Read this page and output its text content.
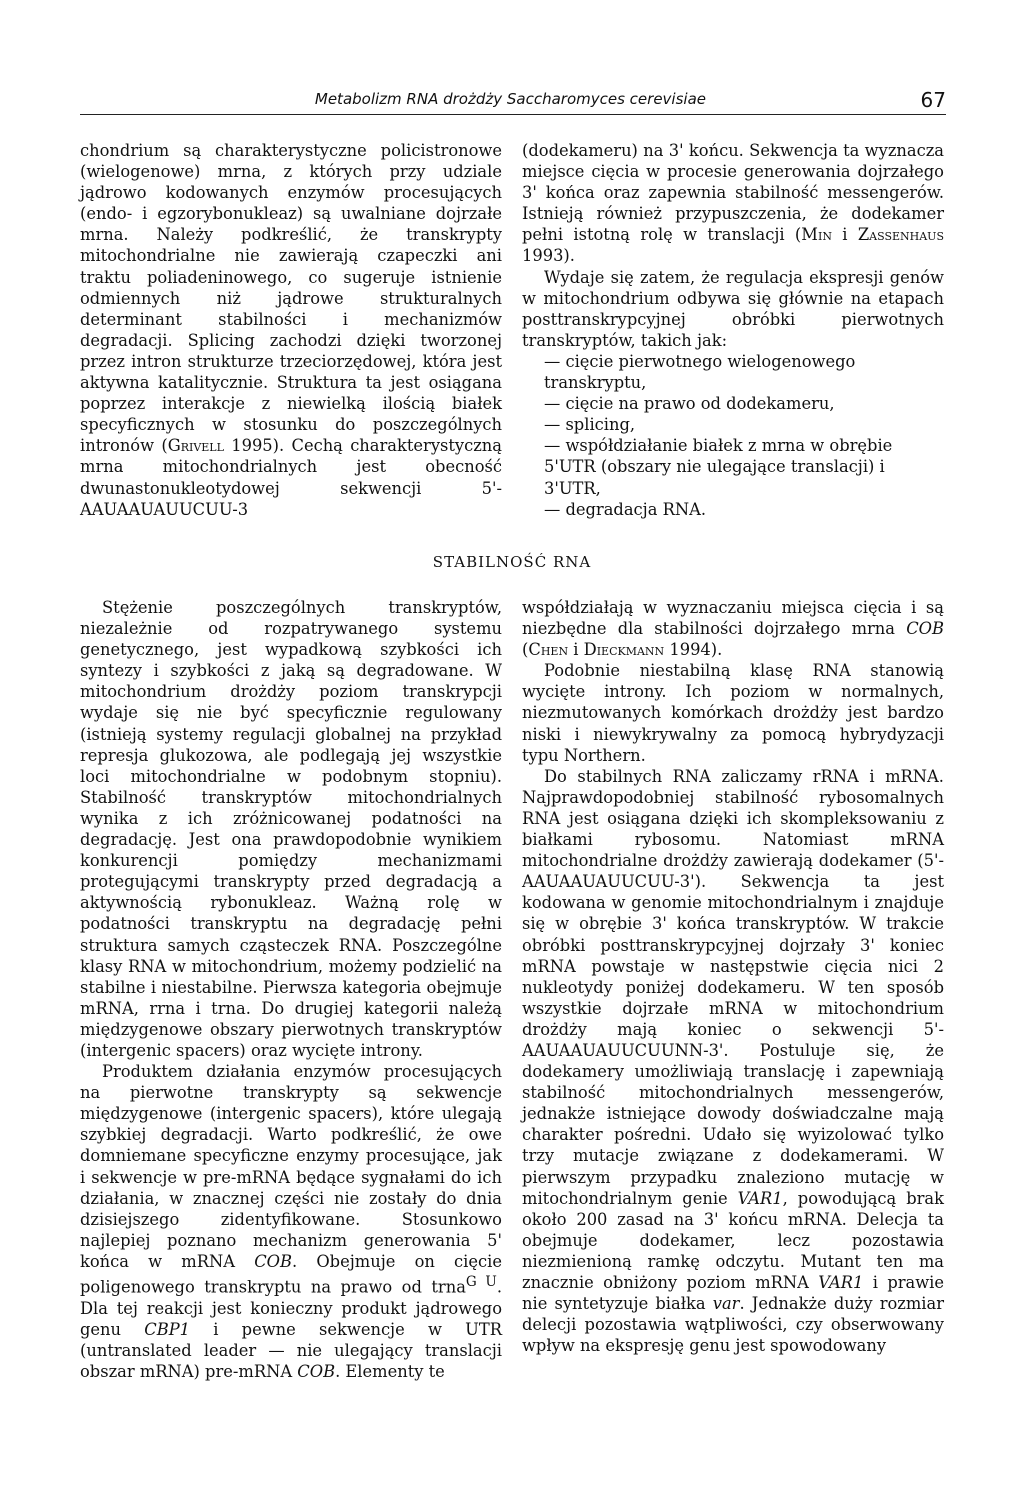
Metabolizm RNA drożdży Saccharomyces cerevisiae	67

chondrium są charakterystyczne policistronowe (wielogenowe) mrna, z których przy udziale jądrowo kodowanych enzymów procesujących (endo- i egzorybonukleaz) są uwalniane dojrzałe mrna. Należy podkreślić, że transkrypty mitochondrialne nie zawierają czapeczki ani traktu poliadeninowego, co sugeruje istnienie odmiennych niż jądrowe strukturalnych determinant stabilności i mechanizmów degradacji. Splicing zachodzi dzięki tworzonej przez intron strukturze trzeciorzędowej, która jest aktywna katalitycznie. Struktura ta jest osiągana poprzez interakcje z niewielką ilością białek specyficznych w stosunku do poszczególnych intronów (Grivell 1995). Cechą charakterystyczną mrna mitochondrialnych jest obecność dwunastonukleotydowej sekwencji 5'-AAUAAUAUUCUU-3

(dodekameru) na 3' końcu. Sekwencja ta wyznacza miejsce cięcia w procesie generowania dojrzałego 3' końca oraz zapewnia stabilność messengerów. Istnieją również przypuszczenia, że dodekamer pełni istotną rolę w translacji (Min i Zassenhaus 1993).

Wydaje się zatem, że regulacja ekspresji genów w mitochondrium odbywa się głównie na etapach posttranskrypcyjnej obróbki pierwotnych transkryptów, takich jak:

— cięcie pierwotnego wielogenowego transkryptu,

— cięcie na prawo od dodekameru,

— splicing,

— współdziałanie białek z mrna w obrębie 5'UTR (obszary nie ulegające translacji) i 3'UTR,

— degradacja RNA.

STABILNOŚĆ RNA

Stężenie poszczególnych transkryptów, niezależnie od rozpatrywanego systemu genetycznego, jest wypadkową szybkości ich syntezy i szybkości z jaką są degradowane. W mitochondrium drożdży poziom transkrypcji wydaje się nie być specyficznie regulowany (istnieją systemy regulacji globalnej na przykład represja glukozowa, ale podlegają jej wszystkie loci mitochondrialne w podobnym stopniu). Stabilność transkryptów mitochondrialnych wynika z ich zróżnicowanej podatności na degradację. Jest ona prawdopodobnie wynikiem konkurencji pomiędzy mechanizmami protegującymi transkrypty przed degradacją a aktywnością rybonukleaz. Ważną rolę w podatności transkryptu na degradację pełni struktura samych cząsteczek RNA. Poszczególne klasy RNA w mitochondrium, możemy podzielić na stabilne i niestabilne. Pierwsza kategoria obejmuje mRNA, rrna i trna. Do drugiej kategorii należą międzygenowe obszary pierwotnych transkryptów (intergenic spacers) oraz wycięte introny.

Produktem działania enzymów procesujących na pierwotne transkrypty są sekwencje międzygenowe (intergenic spacers), które ulegają szybkiej degradacji. Warto podkreślić, że owe domniemane specyficzne enzymy procesujące, jak i sekwencje w pre-mRNA będące sygnałami do ich działania, w znacznej części nie zostały do dnia dzisiejszego zidentyfikowane. Stosunkowo najlepiej poznano mechanizm generowania 5' końca w mRNA COB. Obejmuje on cięcie poligenowego transkryptu na prawo od trna$^{G U}$. Dla tej reakcji jest konieczny produkt jądrowego genu CBP1 i pewne sekwencje w UTR (untranslated leader — nie ulegający translacji obszar mRNA) pre-mRNA COB. Elementy te

współdziałają w wyznaczaniu miejsca cięcia i są niezbędne dla stabilności dojrzałego mrna COB (Chen i Dieckmann 1994).

Podobnie niestabilną klasę RNA stanowią wycięte introny. Ich poziom w normalnych, niezmutowanych komórkach drożdży jest bardzo niski i niewykrywalny za pomocą hybrydyzacji typu Northern.

Do stabilnych RNA zaliczamy rRNA i mRNA. Najprawdopodobniej stabilność rybosomalnych RNA jest osiągana dzięki ich skompleksowaniu z białkami rybosomu. Natomiast mRNA mitochondrialne drożdży zawierają dodekamer (5'-AAUAAUAUUCUU-3'). Sekwencja ta jest kodowana w genomie mitochondrialnym i znajduje się w obrębie 3' końca transkryptów. W trakcie obróbki posttranskrypcyjnej dojrzały 3' koniec mRNA powstaje w następstwie cięcia nici 2 nukleotydy poniżej dodekameru. W ten sposób wszystkie dojrzałe mRNA w mitochondrium drożdży mają koniec o sekwencji 5'-AAUAAUAUUCUUNN-3'. Postuluje się, że dodekamery umożliwiają translację i zapewniają stabilność mitochondrialnych messengerów, jednakże istniejące dowody doświadczalne mają charakter pośredni. Udało się wyizolować tylko trzy mutacje związane z dodekamerami. W pierwszym przypadku znaleziono mutację w mitochondrialnym genie VAR1, powodującą brak około 200 zasad na 3' końcu mRNA. Delecja ta obejmuje dodekamer, lecz pozostawia niezmienioną ramkę odczytu. Mutant ten ma znacznie obniżony poziom mRNA VAR1 i prawie nie syntetyzuje białka var. Jednakże duży rozmiar delecji pozostawia wątpliwości, czy obserwowany wpływ na ekspresję genu jest spowodowany
